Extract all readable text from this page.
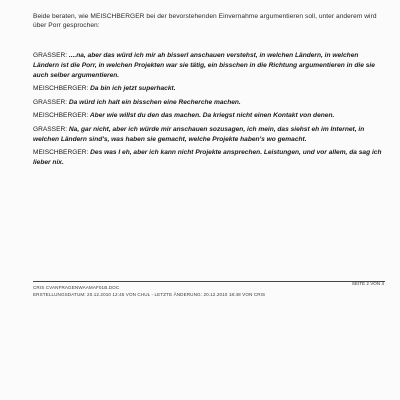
Beide beraten, wie MEISCHBERGER bei der bevorstehenden Einvernahme argumentieren soll, unter anderem wird über Porr gesprochen:

GRASSER: ....na, aber das würd ich mir ah bisserl anschauen verstehst, in welchen Ländern, in welchen Ländern ist die Porr, in welchen Projekten war sie tätig, ein bisschen in die Richtung argumentieren in die sie auch selber argumentieren.

MEISCHBERGER: Da bin ich jetzt superhackt.

GRASSER: Da würd ich halt ein bisschen eine Recherche machen.

MEISCHBERGER: Aber wie willst du den das machen. Da kriegst nicht einen Kontakt von denen.

GRASSER: Na, gar nicht, aber ich würde mir anschauen sozusagen, ich mein, das siehst eh im Internet, in welchen Ländern sind's, was haben sie gemacht, welche Projekte haben's wo gemacht.

MEISCHBERGER: Des was I eh, aber ich kann nicht Projekte ansprechen. Leistungen, und vor allem, da sag ich lieber nix.

CRIS CVANFRAGENWAAMAF01B.DOC
ERSTELLUNGSDATUM: 20.12.2010 12:45 VON CHUL - LETZTE ÄNDERUNG: 20.12.2010 18:48 VON CRIS
SEITE 2 VON 4
